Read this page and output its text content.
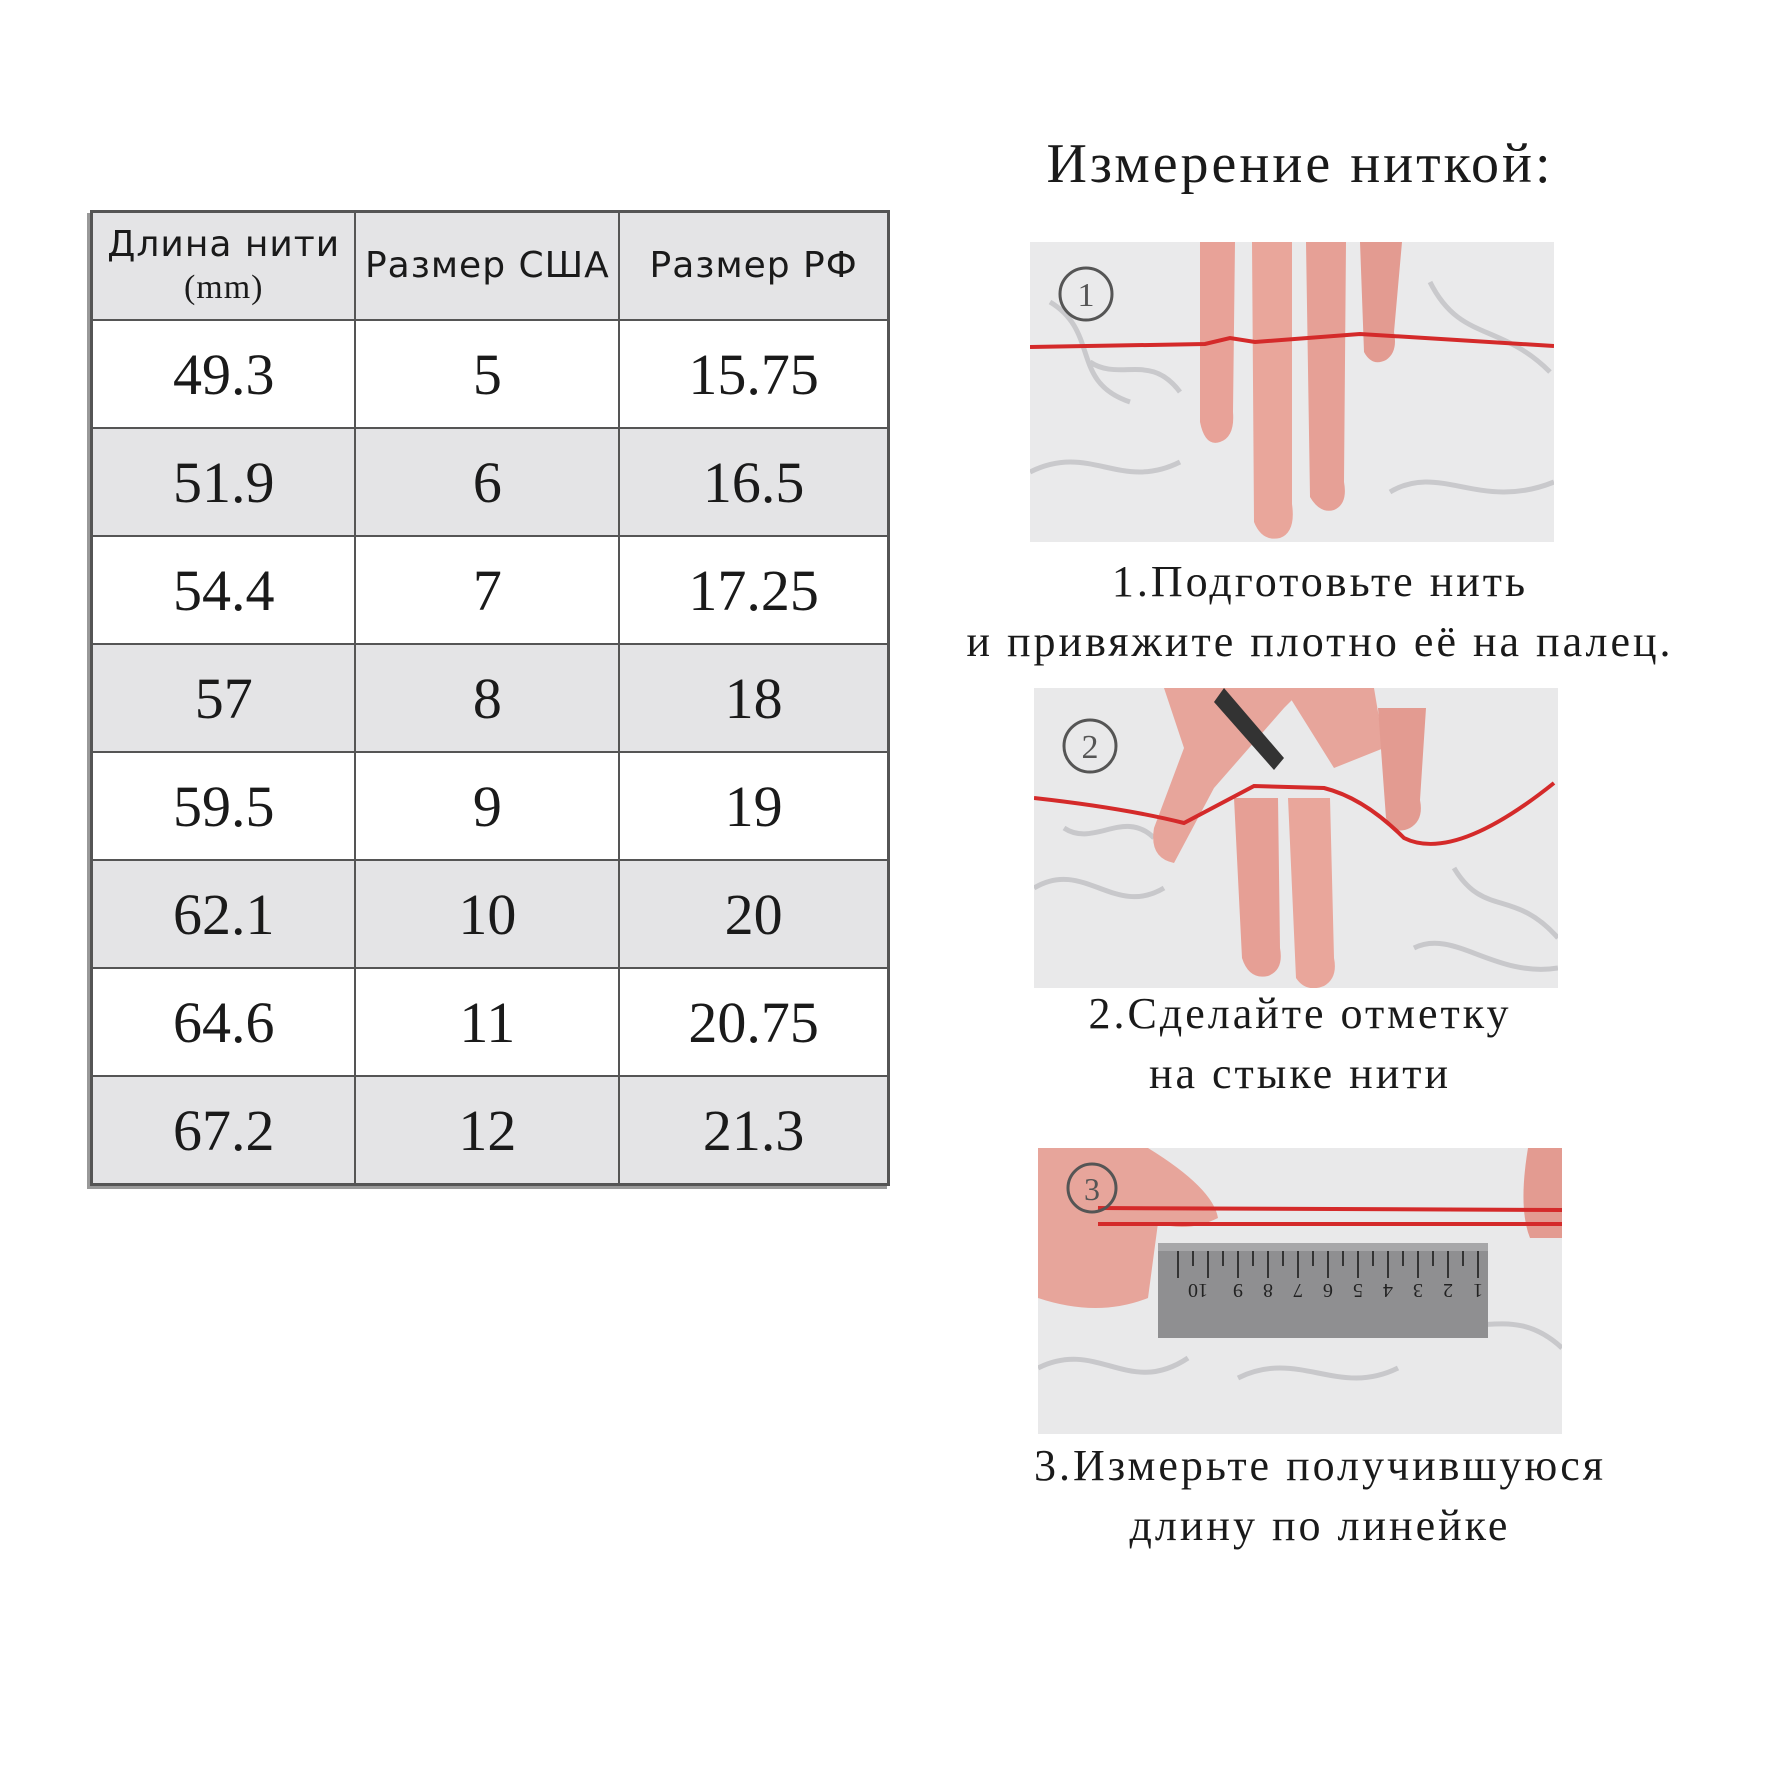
Длина нити
(mm)	Размер США	Размер РФ
49.3	5	15.75
51.9	6	16.5
54.4	7	17.25
57	8	18
59.5	9	19
62.1	10	20
64.6	11	20.75
67.2	12	21.3
Измерение ниткой:
1
1.Подготовьте нить
и привяжите плотно её на палец.
2
2.Сделайте отметку
на стыке нити
1
2
3
4
5
6
7
8
9
10
3
3.Измерьте получившуюся
длину по линейке
